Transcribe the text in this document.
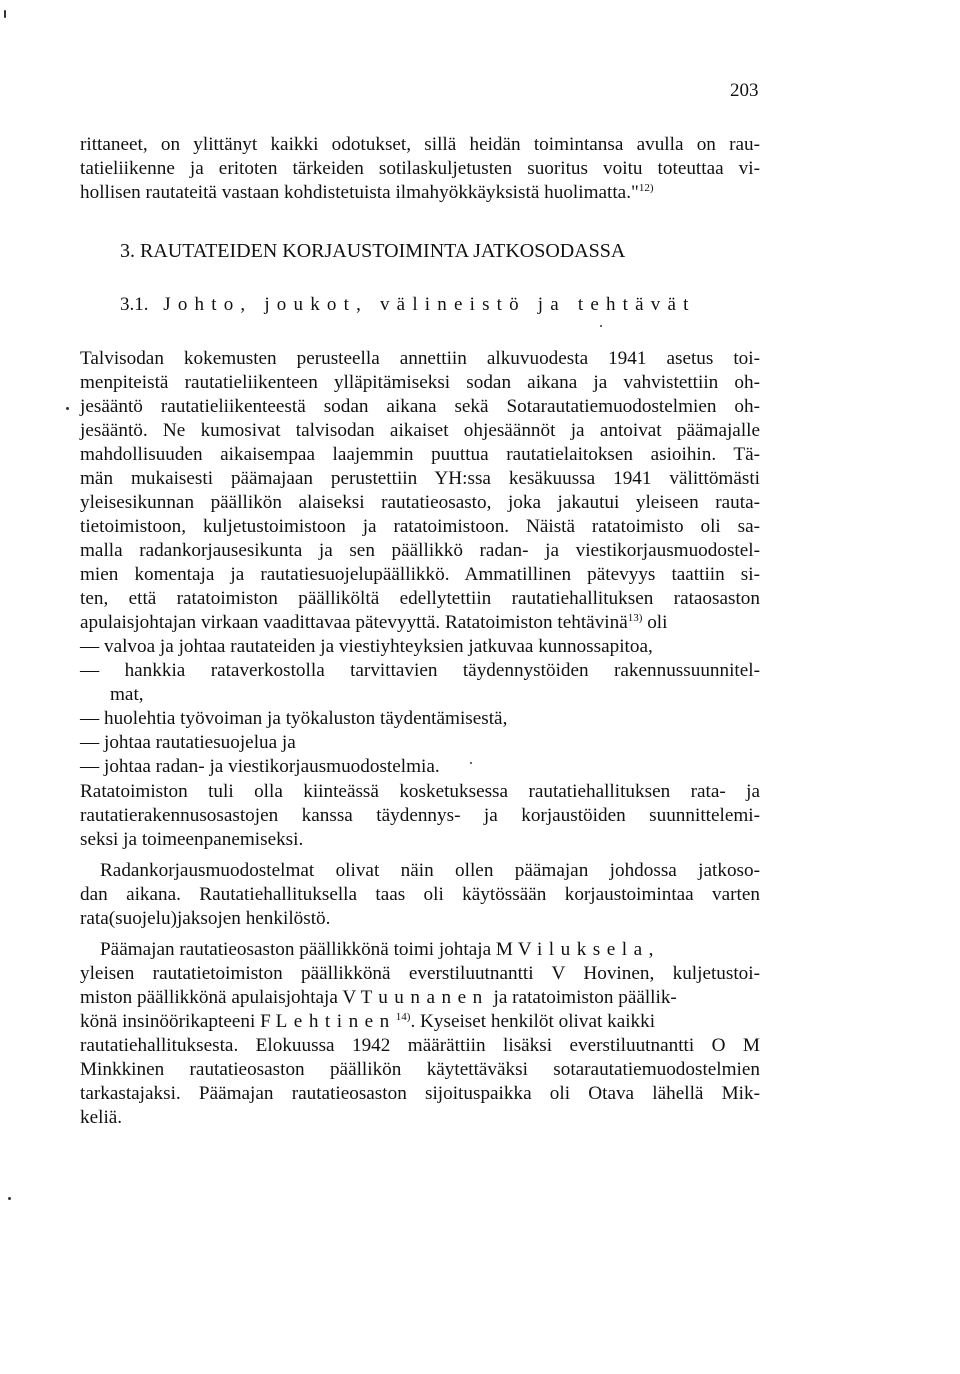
203
rittaneet, on ylittänyt kaikki odotukset, sillä heidän toimintansa avulla on rau-
tatieliikenne ja eritoten tärkeiden sotilaskuljetusten suoritus voitu toteuttaa vi-
hollisen rautateitä vastaan kohdistetuista ilmahyökkäyksistä huolimatta."$^{12)}$
3. RAUTATEIDEN KORJAUSTOIMINTA JATKOSODASSA
3.1. Johto, joukot, välineistö ja tehtävät
Talvisodan kokemusten perusteella annettiin alkuvuodesta 1941 asetus toi-
menpiteistä rautatieliikenteen ylläpitämiseksi sodan aikana ja vahvistettiin oh-
jesääntö rautatieliikenteestä sodan aikana sekä Sotarautatiemuodostelmien oh-
jesääntö. Ne kumosivat talvisodan aikaiset ohjesäännöt ja antoivat päämajalle
mahdollisuuden aikaisempaa laajemmin puuttua rautatielaitoksen asioihin. Tä-
män mukaisesti päämajaan perustettiin YH:ssa kesäkuussa 1941 välittömästi
yleisesikunnan päällikön alaiseksi rautatieosasto, joka jakautui yleiseen rauta-
tietoimistoon, kuljetustoimistoon ja ratatoimistoon. Näistä ratatoimisto oli sa-
malla radankorjausesikunta ja sen päällikkö radan- ja viestikorjausmuodostel-
mien komentaja ja rautatiesuojelupäällikkö. Ammatillinen pätevyys taattiin si-
ten, että ratatoimiston päälliköltä edellytettiin rautatiehallituksen rataosaston
apulaisjohtajan virkaan vaadittavaa pätevyyttä. Ratatoimiston tehtävinä$^{13)}$ oli
— valvoa ja johtaa rautateiden ja viestiyhteyksien jatkuvaa kunnossapitoa,
— hankkia rataverkostolla tarvittavien täydennystöiden rakennussuunnitel-
mat,
— huolehtia työvoiman ja työkaluston täydentämisestä,
— johtaa rautatiesuojelua ja
— johtaa radan- ja viestikorjausmuodostelmia.
Ratatoimiston tuli olla kiinteässä kosketuksessa rautatiehallituksen rata- ja
rautatierakennusosastojen kanssa täydennys- ja korjaustöiden suunnittelemi-
seksi ja toimeenpanemiseksi.
Radankorjausmuodostelmat olivat näin ollen päämajan johdossa jatkoso-
dan aikana. Rautatiehallituksella taas oli käytössään korjaustoimintaa varten
rata(suojelu)jaksojen henkilöstö.
Päämajan rautatieosaston päällikkönä toimi johtaja M Viluksela,
yleisen rautatietoimiston päällikkönä everstiluutnantti V Hovinen, kuljetustoi-
miston päällikkönä apulaisjohtaja V Tuunanen ja ratatoimiston päällik-
könä insinöörikapteeni F Lehtinen$^{14)}$. Kyseiset henkilöt olivat kaikki
rautatiehallituksesta. Elokuussa 1942 määrättiin lisäksi everstiluutnantti O M
Minkkinen rautatieosaston päällikön käytettäväksi sotarautatiemuodostelmien
tarkastajaksi. Päämajan rautatieosaston sijoituspaikka oli Otava lähellä Mik-
keliä.
